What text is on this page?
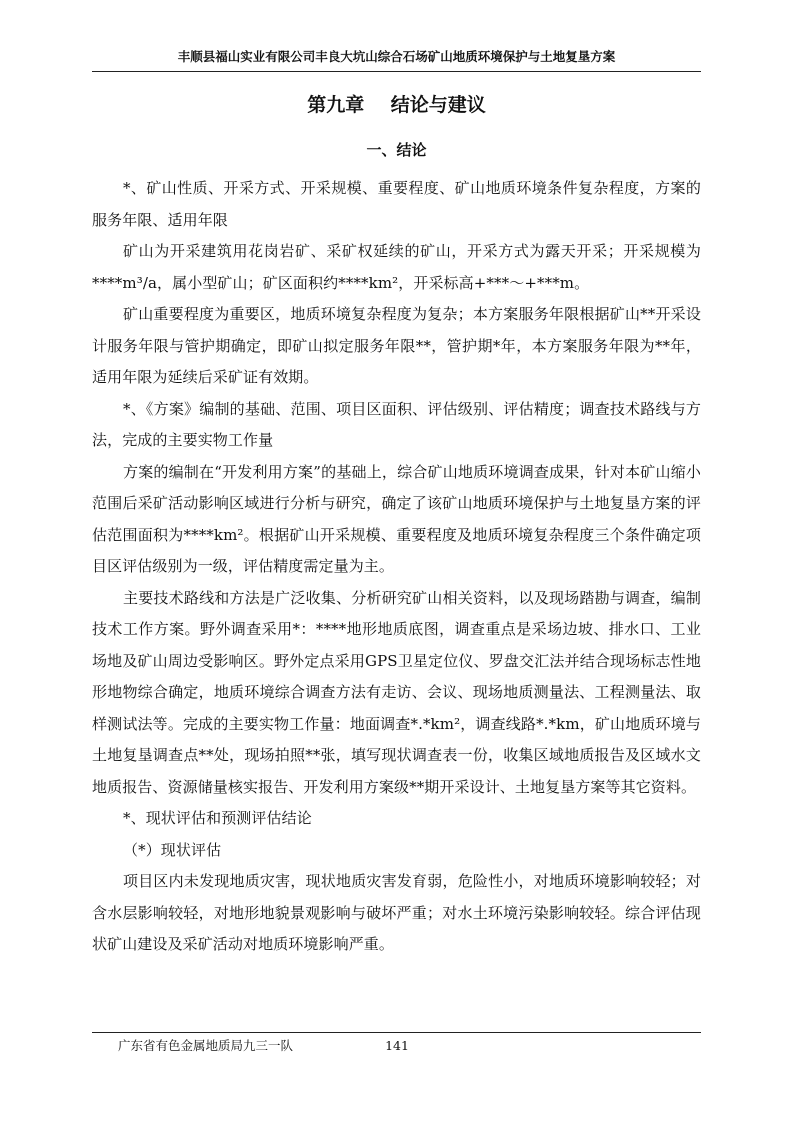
丰顺县福山实业有限公司丰良大坑山综合石场矿山地质环境保护与土地复垦方案
第九章    结论与建议
一、结论

*、矿山性质、开采方式、开采规模、重要程度、矿山地质环境条件复杂程度，方案的服务年限、适用年限

矿山为开采建筑用花岗岩矿、采矿权延续的矿山，开采方式为露天开采；开采规模为****m³/a，属小型矿山；矿区面积约****km²，开采标高+***～+***m。

矿山重要程度为重要区，地质环境复杂程度为复杂；本方案服务年限根据矿山**开采设计服务年限与管护期确定，即矿山拟定服务年限**，管护期*年，本方案服务年限为**年，适用年限为延续后采矿证有效期。

*、《方案》编制的基础、范围、项目区面积、评估级别、评估精度；调查技术路线与方法，完成的主要实物工作量

方案的编制在“开发利用方案”的基础上，综合矿山地质环境调查成果，针对本矿山缩小范围后采矿活动影响区域进行分析与研究，确定了该矿山地质环境保护与土地复垦方案的评估范围面积为****km²。根据矿山开采规模、重要程度及地质环境复杂程度三个条件确定项目区评估级别为一级，评估精度需定量为主。

主要技术路线和方法是广泛收集、分析研究矿山相关资料，以及现场踏勘与调查，编制技术工作方案。野外调查采用*：****地形地质底图，调查重点是采场边坡、排水口、工业场地及矿山周边受影响区。野外定点采用GPS卫星定位仪、罗盘交汇法并结合现场标志性地形地物综合确定，地质环境综合调查方法有走访、会议、现场地质测量法、工程测量法、取样测试法等。完成的主要实物工作量：地面调查*.*km²，调查线路*.*km，矿山地质环境与土地复垦调查点**处，现场拍照**张，填写现状调查表一份，收集区域地质报告及区域水文地质报告、资源储量核实报告、开发利用方案级**期开采设计、土地复垦方案等其它资料。

*、现状评估和预测评估结论

（*）现状评估

项目区内未发现地质灾害，现状地质灾害发育弱，危险性小，对地质环境影响较轻；对含水层影响较轻，对地形地貌景观影响与破坏严重；对水土环境污染影响较轻。综合评估现状矿山建设及采矿活动对地质环境影响严重。

广东省有色金属地质局九三一队	141
